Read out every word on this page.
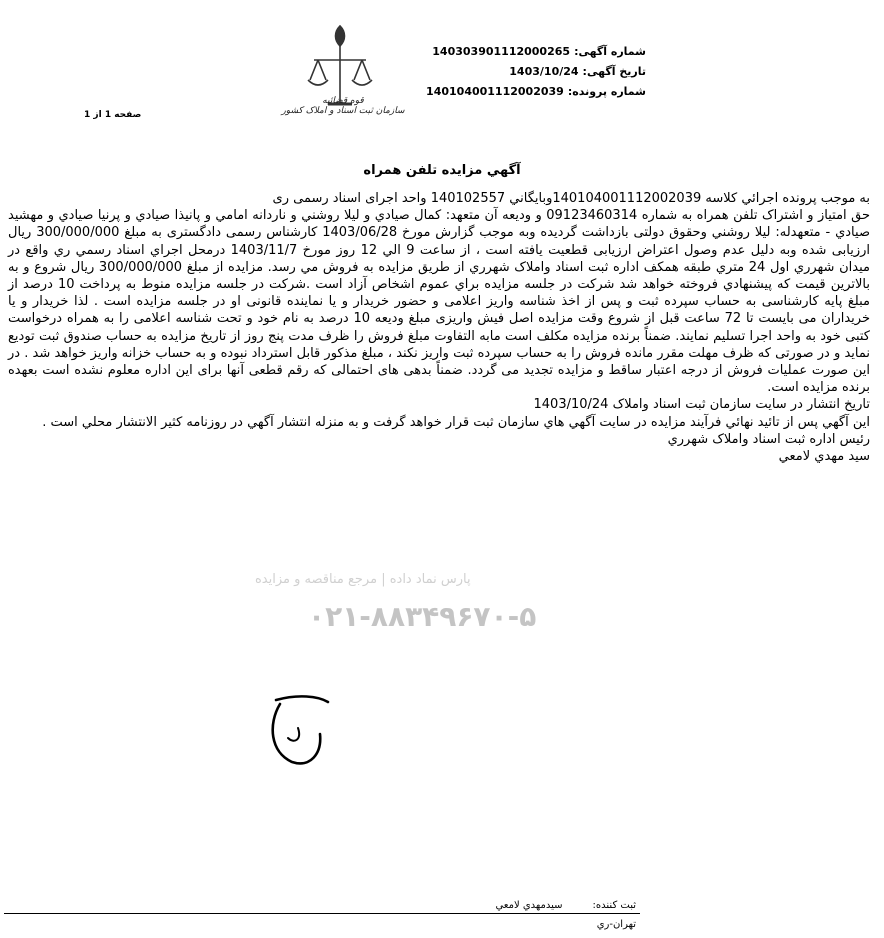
شماره آگهی:
140303901112000265
تاریخ آگهی:
1403/10/24
شماره پرونده:
140104001112002039
صفحه 1 از 1
قوه قضائیه
سازمان ثبت اسناد و املاک کشور
آگهي مزايده تلفن همراه

به موجب پرونده اجرائي کلاسه 140104001112002039وبايگاني 140102557 واحد اجرای اسناد رسمی ری

حق امتیاز و اشتراک تلفن همراه به شماره 09123460314 و ودیعه آن متعهد: کمال صيادي و ليلا روشني و ناردانه امامي و پانيذا صيادي و پرنيا صيادي و مهشيد صيادي - متعهدله: ليلا روشني وحقوق دولتی بازداشت گرديده وبه موجب گزارش مورخ 1403/06/28 کارشناس رسمی دادگستری به مبلغ 300/000/000 ريال ارزيابی شده وبه دليل عدم وصول اعتراض ارزيابی قطعيت يافته است ، از ساعت 9 الي 12 روز مورخ 1403/11/7 درمحل اجراي اسناد رسمي ري واقع در ميدان شهرري اول 24 متري طبقه همکف اداره ثبت اسناد واملاک شهرري از طريق مزايده به فروش مي رسد. مزايده از مبلغ 300/000/000 ريال شروع و به بالاترين قيمت که پيشنهادي فروخته خواهد شد شرکت در جلسه مزايده براي عموم اشخاص آزاد است .شرکت در جلسه مزايده منوط به پرداخت 10 درصد از مبلغ پايه کارشناسی به حساب سپرده ثبت و پس از اخذ شناسه واريز اعلامی و حضور خريدار و يا نماينده قانونی او در جلسه مزايده است . لذا خريدار و يا خريداران می بايست تا 72 ساعت قبل از شروع وقت مزايده اصل فيش واريزی مبلغ وديعه 10 درصد به نام خود و تحت شناسه اعلامی را به همراه درخواست کتبی خود به واحد اجرا تسليم نمايند. ضمناً برنده مزايده مکلف است مابه التفاوت مبلغ فروش را ظرف مدت پنج روز از تاريخ مزايده به حساب صندوق ثبت توديع نمايد و در صورتی که ظرف مهلت مقرر مانده فروش را به حساب سپرده ثبت واريز نکند ، مبلغ مذکور قابل استرداد نبوده و به حساب خزانه واريز خواهد شد . در اين صورت عمليات فروش از درجه اعتبار ساقط و مزايده تجديد می گردد. ضمناً بدهی های احتمالی که رقم قطعی آنها برای اين اداره معلوم نشده است بعهده برنده مزايده است.

تاريخ انتشار در سايت سازمان ثبت اسناد واملاک 1403/10/24

اين آگهي پس از تائيد نهائي فرآيند مزايده در سايت آگهي هاي سازمان ثبت قرار خواهد گرفت و به منزله انتشار آگهي در روزنامه کثير الانتشار محلي است .

رئيس اداره ثبت اسناد واملاک شهرري

سيد مهدي لامعي

پارس نماد داده | مرجع مناقصه و مزایده
۰۲۱-۸۸۳۴۹۶۷۰-۵
ثبت کننده:
سيدمهدي لامعي
تهران-ري
